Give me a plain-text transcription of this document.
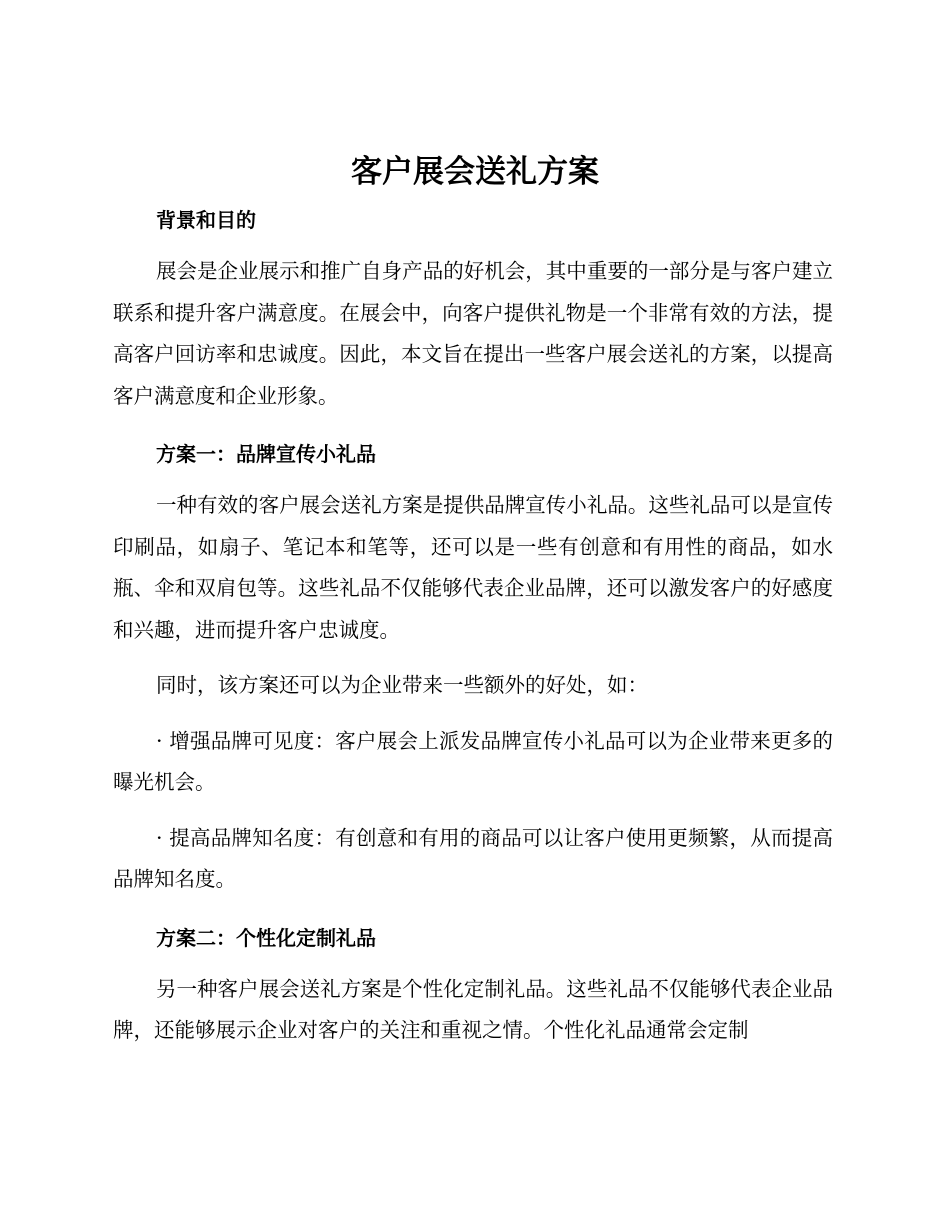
客户展会送礼方案
背景和目的

展会是企业展示和推广自身产品的好机会，其中重要的一部分是与客户建立联系和提升客户满意度。在展会中，向客户提供礼物是一个非常有效的方法，提高客户回访率和忠诚度。因此，本文旨在提出一些客户展会送礼的方案，以提高客户满意度和企业形象。

方案一：品牌宣传小礼品

一种有效的客户展会送礼方案是提供品牌宣传小礼品。这些礼品可以是宣传印刷品，如扇子、笔记本和笔等，还可以是一些有创意和有用性的商品，如水瓶、伞和双肩包等。这些礼品不仅能够代表企业品牌，还可以激发客户的好感度和兴趣，进而提升客户忠诚度。

同时，该方案还可以为企业带来一些额外的好处，如：

· 增强品牌可见度：客户展会上派发品牌宣传小礼品可以为企业带来更多的曝光机会。

· 提高品牌知名度：有创意和有用的商品可以让客户使用更频繁，从而提高品牌知名度。

方案二：个性化定制礼品

另一种客户展会送礼方案是个性化定制礼品。这些礼品不仅能够代表企业品牌，还能够展示企业对客户的关注和重视之情。个性化礼品通常会定制
